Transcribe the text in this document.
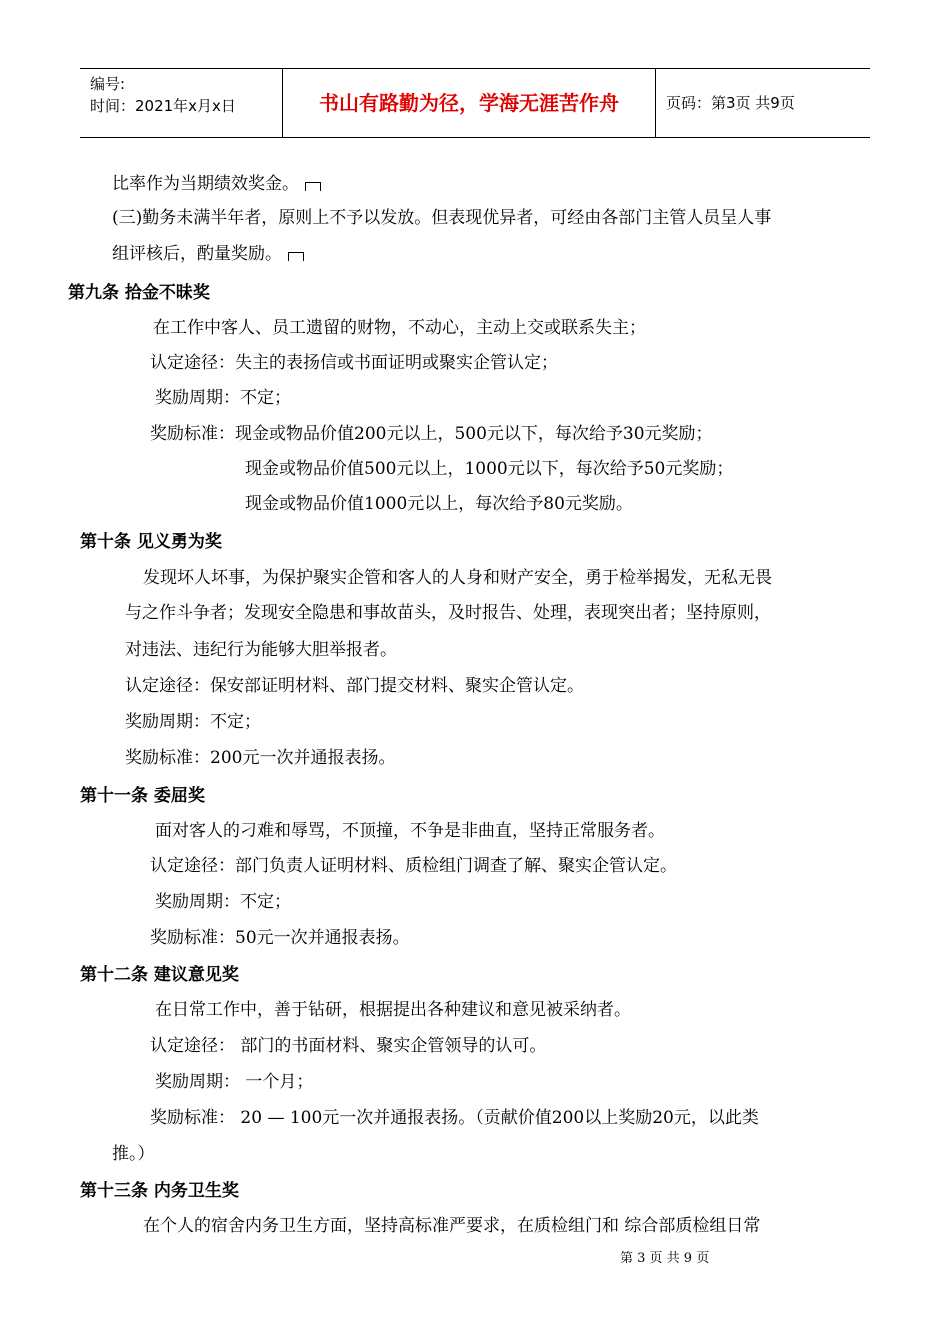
编号:
时间：2021年x月x日	书山有路勤为径，学海无涯苦作舟	页码：第3页 共9页
比率作为当期绩效奖金。
(三)勤务未满半年者，原则上不予以发放。但表现优异者，可经由各部门主管人员呈人事
组评核后，酌量奖励。
第九条 拾金不昧奖
在工作中客人、员工遗留的财物，不动心，主动上交或联系失主；
认定途径：失主的表扬信或书面证明或聚实企管认定；
奖励周期：不定；
奖励标准：现金或物品价值200元以上，500元以下，每次给予30元奖励；
现金或物品价值500元以上，1000元以下，每次给予50元奖励；
现金或物品价值1000元以上，每次给予80元奖励。
第十条 见义勇为奖
发现坏人坏事，为保护聚实企管和客人的人身和财产安全，勇于检举揭发，无私无畏
与之作斗争者；发现安全隐患和事故苗头，及时报告、处理，表现突出者；坚持原则，
对违法、违纪行为能够大胆举报者。
认定途径：保安部证明材料、部门提交材料、聚实企管认定。
奖励周期：不定；
奖励标准：200元一次并通报表扬。
第十一条 委屈奖
面对客人的刁难和辱骂，不顶撞，不争是非曲直，坚持正常服务者。
认定途径：部门负责人证明材料、质检组门调查了解、聚实企管认定。
奖励周期：不定；
奖励标准：50元一次并通报表扬。
第十二条 建议意见奖
在日常工作中，善于钻研，根据提出各种建议和意见被采纳者。
认定途径： 部门的书面材料、聚实企管领导的认可。
奖励周期： 一个月；
奖励标准： 20 — 100元一次并通报表扬。（贡献价值200以上奖励20元，以此类
推。）
第十三条 内务卫生奖
在个人的宿舍内务卫生方面，坚持高标准严要求，在质检组门和 综合部质检组日常
第 3 页 共 9 页
